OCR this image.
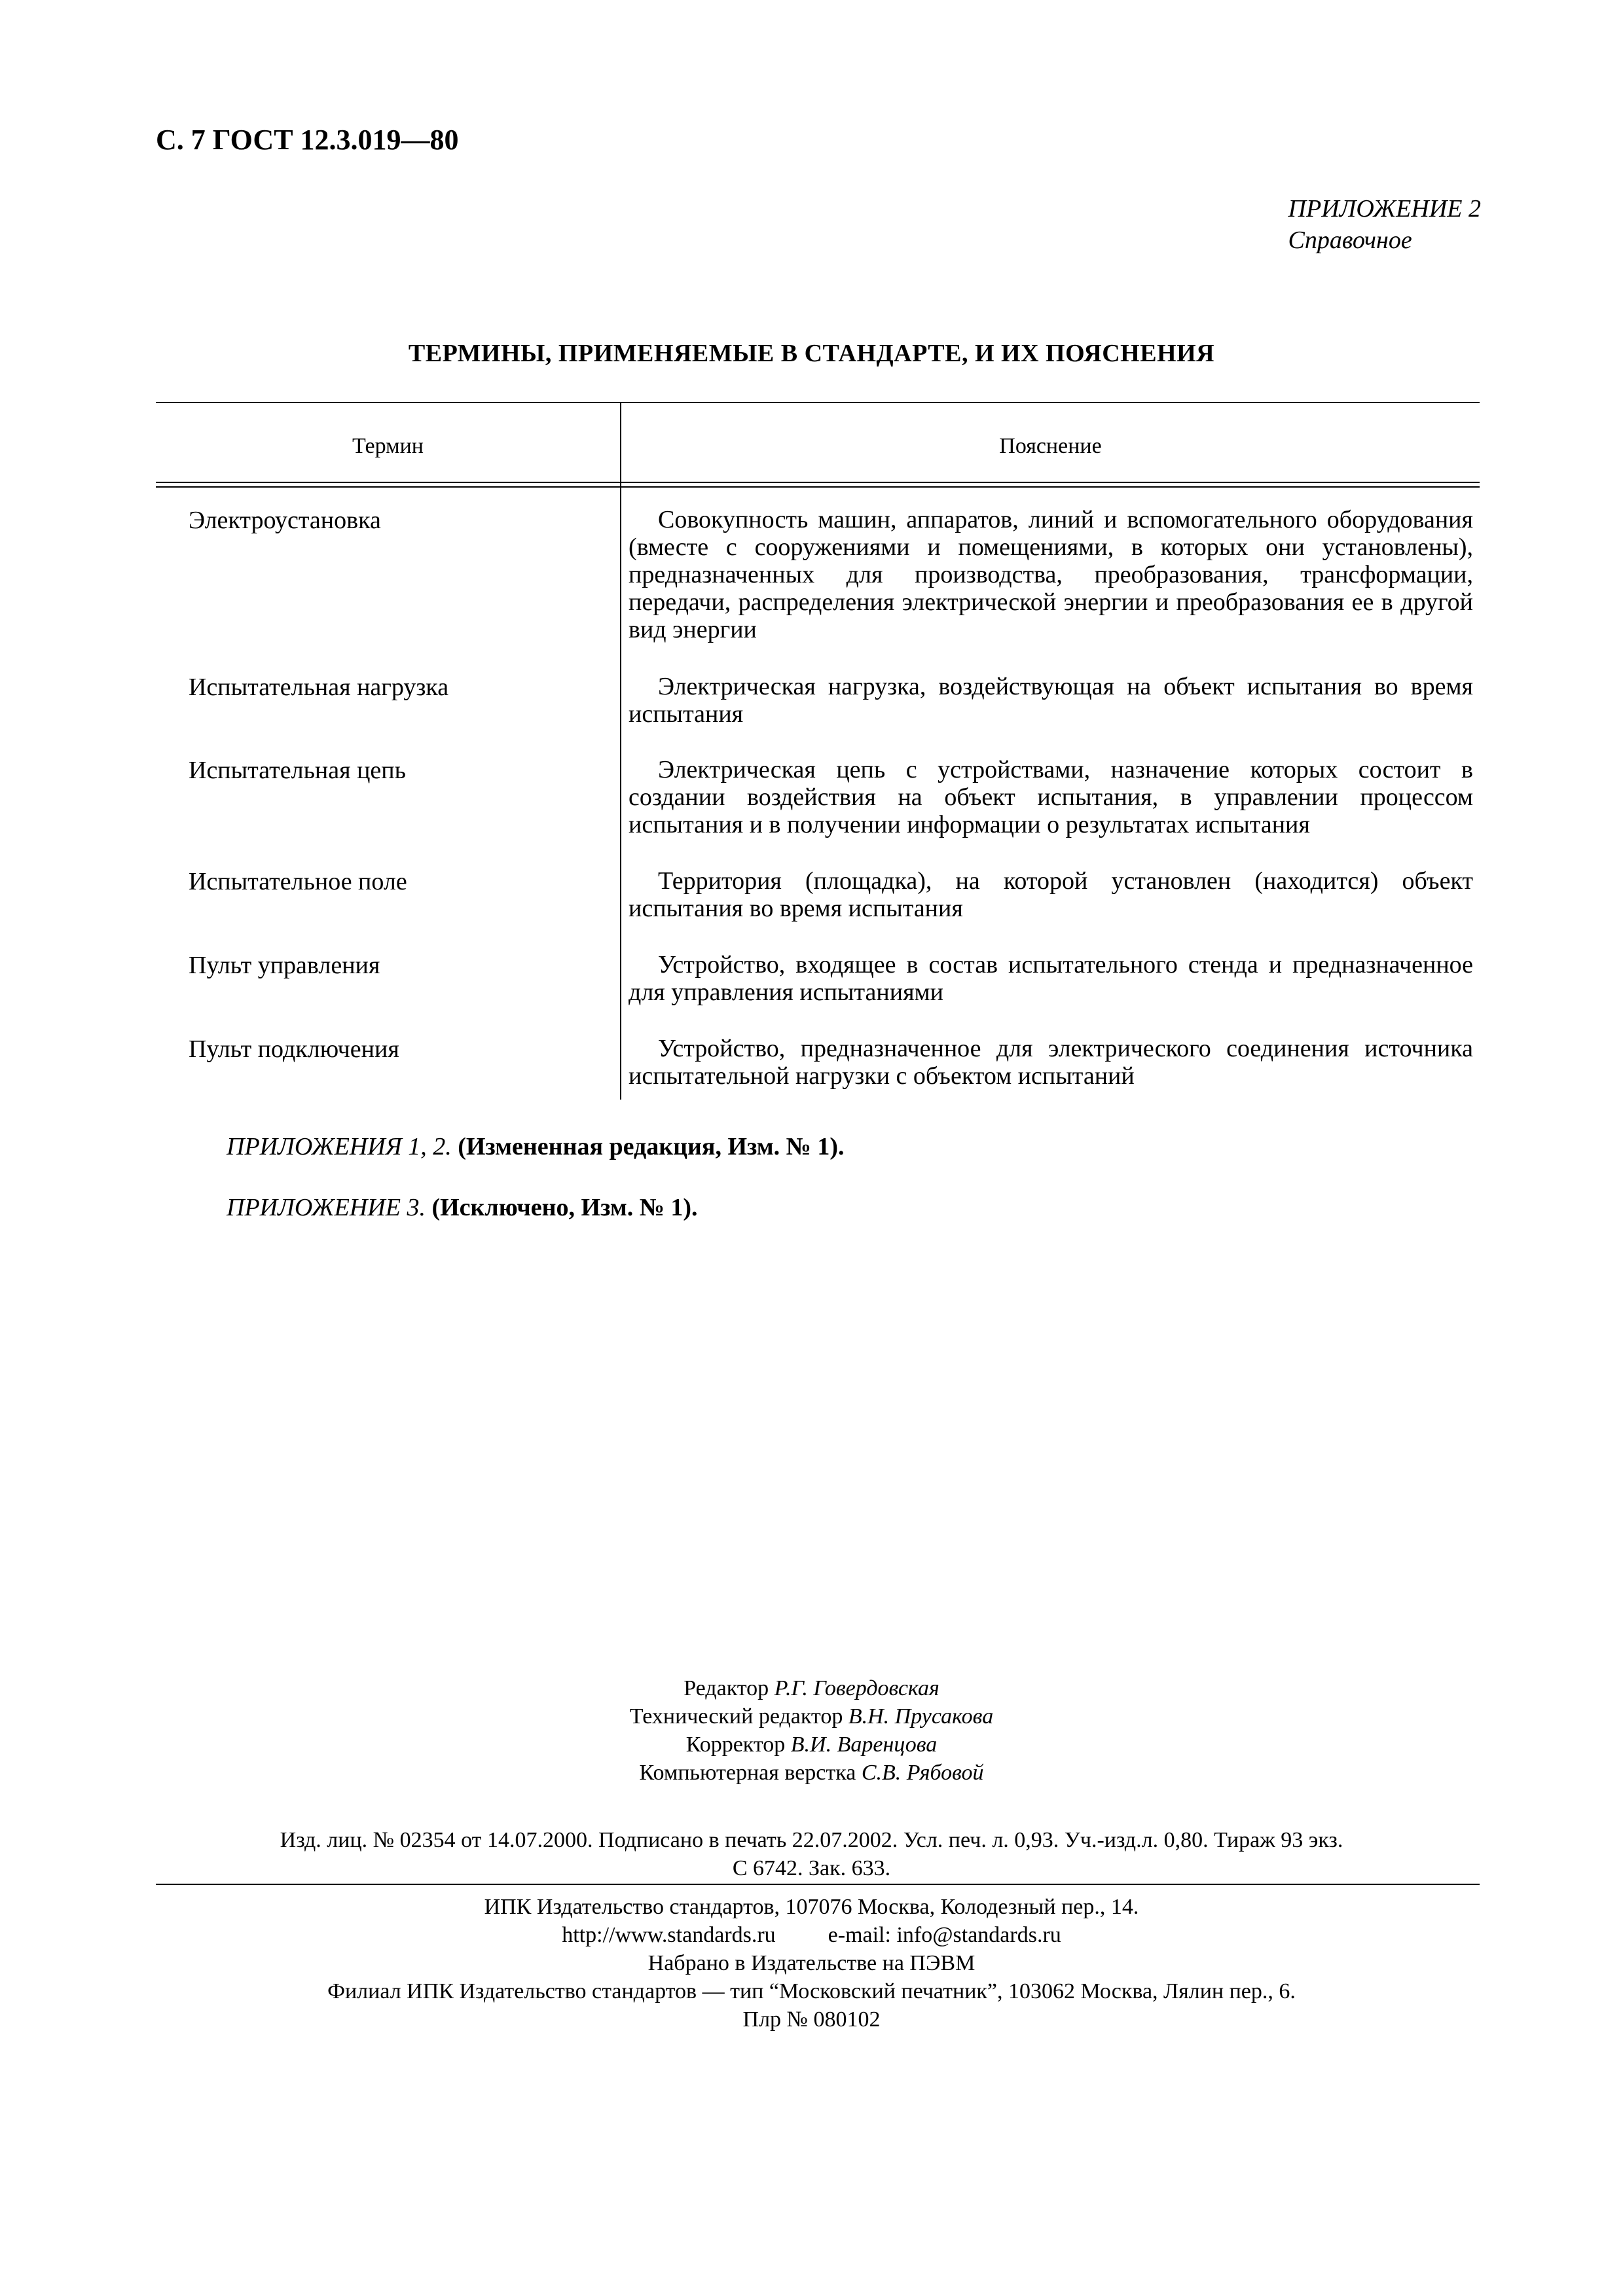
С. 7 ГОСТ 12.3.019—80
ПРИЛОЖЕНИЕ 2
Справочное
ТЕРМИНЫ, ПРИМЕНЯЕМЫЕ В СТАНДАРТЕ, И ИХ ПОЯСНЕНИЯ
Термин	Пояснение
Электроустановка	Совокупность машин, аппаратов, линий и вспомогательного оборудования (вместе с сооружениями и помещениями, в которых они установлены), предназначенных для производства, преобразования, трансформации, передачи, распределения электрической энергии и преобразования ее в другой вид энергии
Испытательная нагрузка	Электрическая нагрузка, воздействующая на объект испытания во время испытания
Испытательная цепь	Электрическая цепь с устройствами, назначение которых состоит в создании воздействия на объект испытания, в управлении процессом испытания и в получении информации о результатах испытания
Испытательное поле	Территория (площадка), на которой установлен (находится) объект испытания во время испытания
Пульт управления	Устройство, входящее в состав испытательного стенда и предназначенное для управления испытаниями
Пульт подключения	Устройство, предназначенное для электрического соединения источника испытательной нагрузки с объектом испытаний
ПРИЛОЖЕНИЯ 1, 2. (Измененная редакция, Изм. № 1).
ПРИЛОЖЕНИЕ 3. (Исключено, Изм. № 1).
Редактор Р.Г. Говердовская
Технический редактор В.Н. Прусакова
Корректор В.И. Варенцова
Компьютерная верстка С.В. Рябовой
Изд. лиц. № 02354 от 14.07.2000. Подписано в печать 22.07.2002. Усл. печ. л. 0,93. Уч.-изд.л. 0,80. Тираж 93 экз.
С 6742. Зак. 633.
ИПК Издательство стандартов, 107076 Москва, Колодезный пер., 14.
http://www.standards.ru e-mail: info@standards.ru
Набрано в Издательстве на ПЭВМ
Филиал ИПК Издательство стандартов — тип “Московский печатник”, 103062 Москва, Лялин пер., 6.
Плр № 080102
